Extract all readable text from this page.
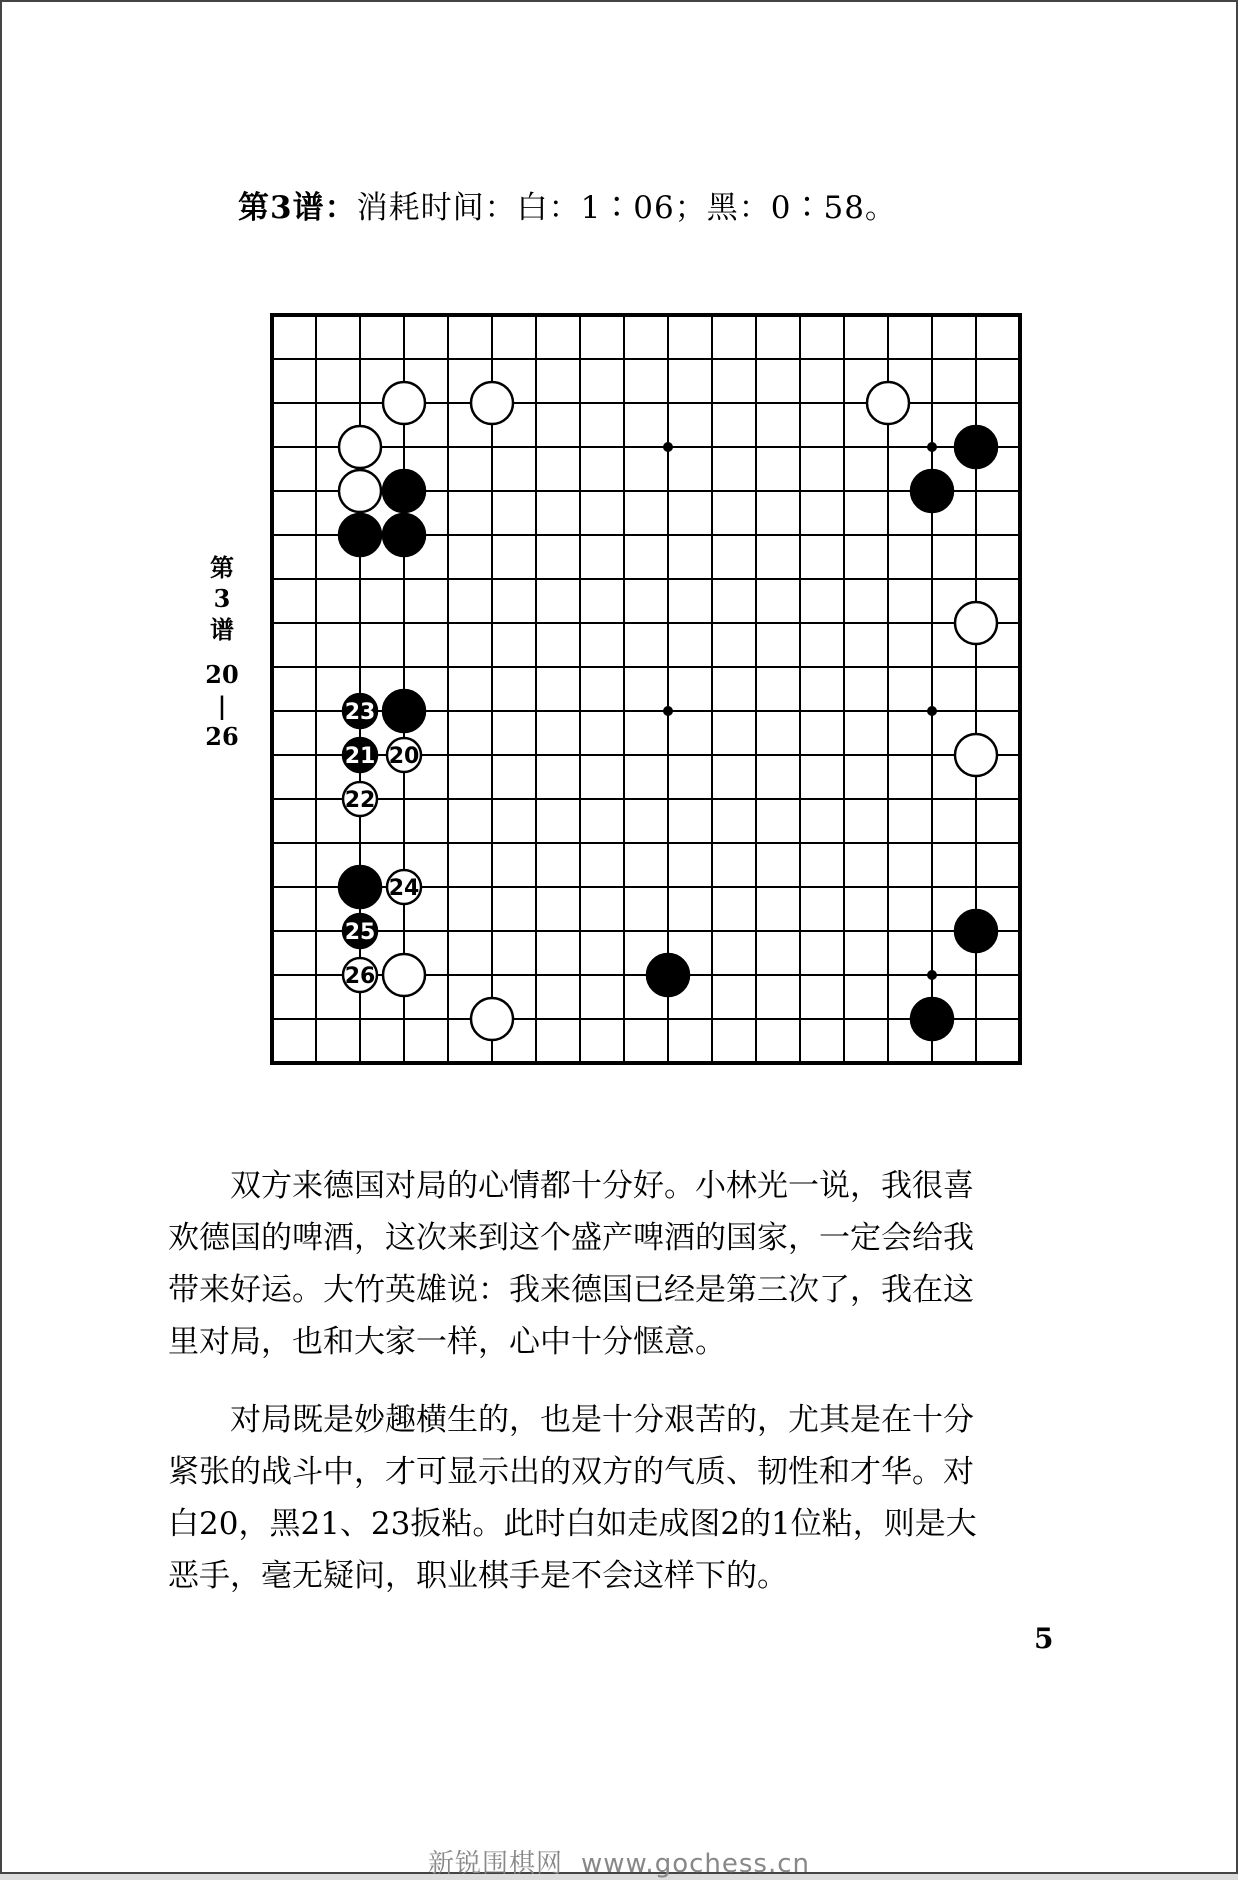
第3谱：消耗时间：白：1∶06；黑：0∶58。
第
3
谱
20
|
26
23
21 20
22
24
25
26
双方来德国对局的心情都十分好。小林光一说，我很喜
欢德国的啤酒，这次来到这个盛产啤酒的国家，一定会给我
带来好运。大竹英雄说：我来德国已经是第三次了，我在这
里对局，也和大家一样，心中十分惬意。
对局既是妙趣横生的，也是十分艰苦的，尤其是在十分
紧张的战斗中，才可显示出的双方的气质、韧性和才华。对
白20，黑21、23扳粘。此时白如走成图2的1位粘，则是大
恶手，毫无疑问，职业棋手是不会这样下的。
5
新锐围棋网 www.gochess.cn
